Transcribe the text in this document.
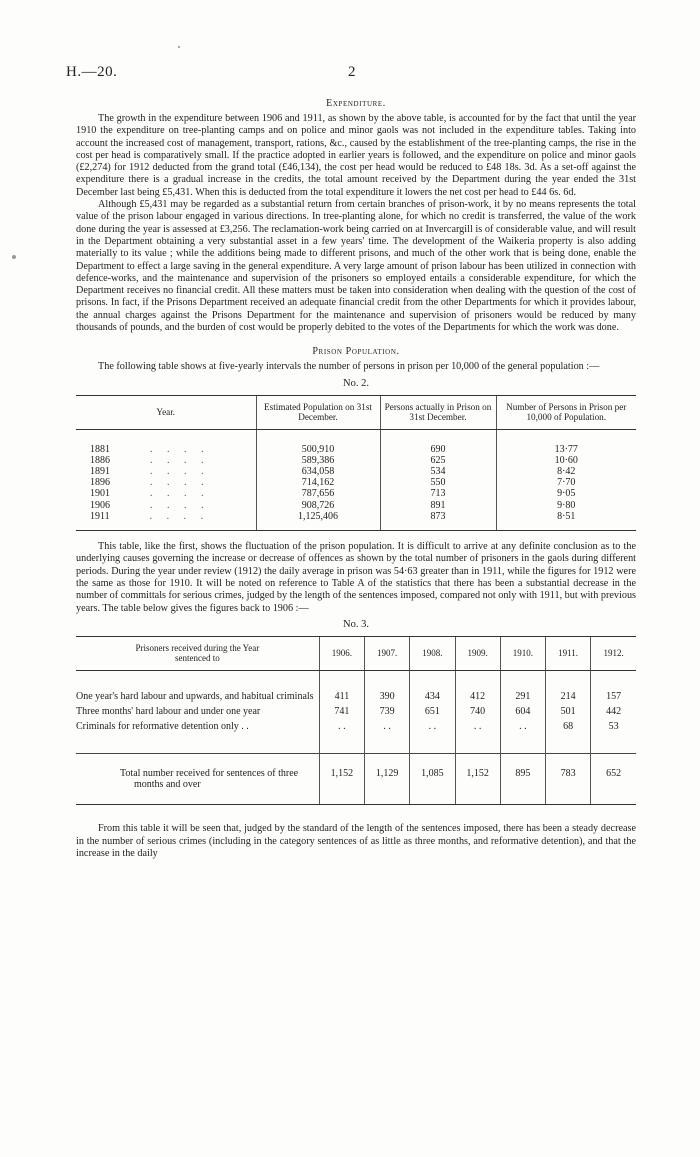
H.—20.	2
Expenditure.

The growth in the expenditure between 1906 and 1911, as shown by the above table, is accounted for by the fact that until the year 1910 the expenditure on tree-planting camps and on police and minor gaols was not included in the expenditure tables. Taking into account the increased cost of management, transport, rations, &c., caused by the establishment of the tree-planting camps, the rise in the cost per head is comparatively small. If the practice adopted in earlier years is followed, and the expenditure on police and minor gaols (£2,274) for 1912 deducted from the grand total (£46,134), the cost per head would be reduced to £48 18s. 3d. As a set-off against the expenditure there is a gradual increase in the credits, the total amount received by the Department during the year ended the 31st December last being £5,431. When this is deducted from the total expenditure it lowers the net cost per head to £44 6s. 6d.

Although £5,431 may be regarded as a substantial return from certain branches of prison-work, it by no means represents the total value of the prison labour engaged in various directions. In tree-planting alone, for which no credit is transferred, the value of the work done during the year is assessed at £3,256. The reclamation-work being carried on at Invercargill is of considerable value, and will result in the Department obtaining a very substantial asset in a few years' time. The development of the Waikeria property is also adding materially to its value ; while the additions being made to different prisons, and much of the other work that is being done, enable the Department to effect a large saving in the general expenditure. A very large amount of prison labour has been utilized in connection with defence-works, and the maintenance and supervision of the prisoners so employed entails a considerable expenditure, for which the Department receives no financial credit. All these matters must be taken into consideration when dealing with the question of the cost of prisons. In fact, if the Prisons Department received an adequate financial credit from the other Departments for which it provides labour, the annual charges against the Prisons Department for the maintenance and supervision of prisoners would be reduced by many thousands of pounds, and the burden of cost would be properly debited to the votes of the Departments for which the work was done.

Prison Population.

The following table shows at five-yearly intervals the number of persons in prison per 10,000 of the general population :—

No. 2.
Year.	Estimated Population on 31st December.	Persons actually in Prison on 31st December.	Number of Persons in Prison per 10,000 of Population.

1881 . . . .	500,910	690	13·77
1886 . . . .	589,386	625	10·60
1891 . . . .	634,058	534	8·42
1896 . . . .	714,162	550	7·70
1901 . . . .	787,656	713	9·05
1906 . . . .	908,726	891	9·80
1911 . . . .	1,125,406	873	8·51

This table, like the first, shows the fluctuation of the prison population. It is difficult to arrive at any definite conclusion as to the underlying causes governing the increase or decrease of offences as shown by the total number of prisoners in the gaols during different periods. During the year under review (1912) the daily average in prison was 54·63 greater than in 1911, while the figures for 1912 were the same as those for 1910. It will be noted on reference to Table A of the statistics that there has been a substantial decrease in the number of committals for serious crimes, judged by the length of the sentences imposed, compared not only with 1911, but with previous years. The table below gives the figures back to 1906 :—

No. 3.
Prisoners received during the Year sentenced to	1906.	1907.	1908.	1909.	1910.	1911.	1912.

One year's hard labour and upwards, and habitual criminals	411	390	434	412	291	214	157

Three months' hard labour and under one year	741	739	651	740	604	501	442

Criminals for reformative detention only . .	. .	. .	. .	. .	. .	68	53

Total number received for sentences of three months and over	1,152	1,129	1,085	1,152	895	783	652

From this table it will be seen that, judged by the standard of the length of the sentences imposed, there has been a steady decrease in the number of serious crimes (including in the category sentences of as little as three months, and reformative detention), and that the increase in the daily
